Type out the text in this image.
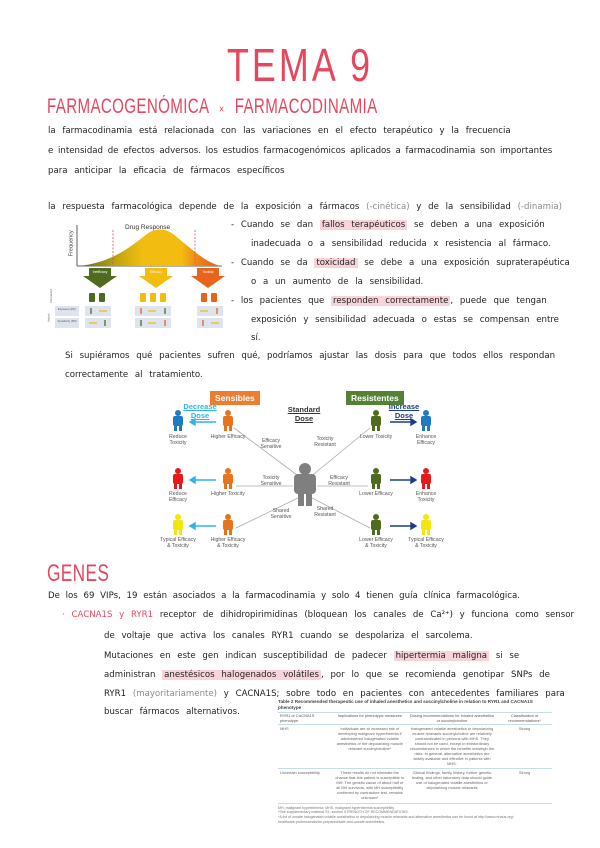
TEMA 9
FARMACOGENÓMICA × FARMACODINAMIA
la farmacodinamia está relacionada con las variaciones en el efecto terapéutico y la frecuencia
e intensidad de efectos adversos. los estudios farmacogenómicos aplicados a farmacodinamia son importantes
para anticipar la eficacia de fármacos específicos
la respuesta farmacológica depende de la exposición a fármacos (-cinética) y de la sensibilidad (-dinamia)
Drug Response
Frequency
Inefficacy	Efficacy	Toxicity
Perceived
Actual
Exposure (PK)
Sensitivity (PD)
- Cuando se dan fallos terapéuticos se deben a una exposición
inadecuada o a sensibilidad reducida x resistencia al fármaco.
- Cuando se da toxicidad se debe a una exposición supraterapéutica
o a un aumento de la sensibilidad.
- los pacientes que responden correctamente , puede que tengan
exposición y sensibilidad adecuada o estas se compensan entre
sí.
Si supiéramos qué pacientes sufren qué, podríamos ajustar las dosis para que todos ellos respondan
correctamente al tratamiento.
Sensibles	Resistentes
Standard Dose
Decrease Dose
Increase Dose
Efficacy Sensitive
Toxicity Resistant
Toxicity Sensitive
Efficacy Resistant
Shared Sensitive
Shared Resistant
Reduce Toxicity
Reduce Efficacy
Typical Efficacy & Toxicity
Higher Efficacy
Higher Toxicity
Higher Efficacy & Toxicity
Lower Toxicity
Lower Efficacy
Lower Efficacy & Toxicity
Enhance Efficacy
Enhance Toxicity
Typical Efficacy & Toxicity
GENES
De los 69 VIPs, 19 están asociados a la farmacodinamia y solo 4 tienen guía clínica farmacológica.
· CACNA1S y RYR1 receptor de dihidropirimidinas (bloquean los canales de Ca²⁺) y funciona como sensor
de voltaje que activa los canales RYR1 cuando se despolariza el sarcolema.
Mutaciones en este gen indican susceptibilidad de padecer hipertermia maligna si se
administran anestésicos halogenados volátiles , por lo que se recomienda genotipar SNPs de
RYR1 (mayoritariamente) y CACNA1S; sobre todo en pacientes con antecedentes familiares para
buscar fármacos alternativos.
Table 2 Recommended therapeutic use of inhaled anesthetics and succinylcholine in relation to RYR1 and CACNA1S phenotype
RYR1 or CACNA1S phenotype	Implications for phenotypic measures	Dosing recommendations for inhaled anesthetics or succinylcholine	Classification of recommendations*
MHS	Individuals are at increased risk of developing malignant hyperthermia if administered halogenated volatile anesthetics or the depolarizing muscle relaxant succinylcholine*	Halogenated volatile anesthetics or depolarizing muscle relaxants succinylcholine are relatively contraindicated in persons with MHS. They should not be used, except in extraordinary circumstances in which the benefits outweigh the risks. In general, alternative anesthetics are widely available and effective in patients with MHS.	Strong
Uncertain susceptibility	These results do not eliminate the chance that this patient is susceptible to MH. The genetic cause of about half of all MH survivors, with MH susceptibility confirmed by contracture test, remains unknown*	Clinical findings, family history, further genetic testing, and other laboratory data should guide use of halogenated volatile anesthetics or depolarizing muscle relaxants	Strong
MH, malignant hyperthermia; MHS, malignant hyperthermia susceptibility.
*See supplementary material S1, section STRENGTH OF RECOMMENDATIONS.
*A list of unsafe halogenated volatile anesthetics or depolarizing muscle relaxants and alternative anesthetics can be found at http://www.mhaus.org/
healthcare-professionals/be-prepared/safe-and-unsafe-anesthetics.
